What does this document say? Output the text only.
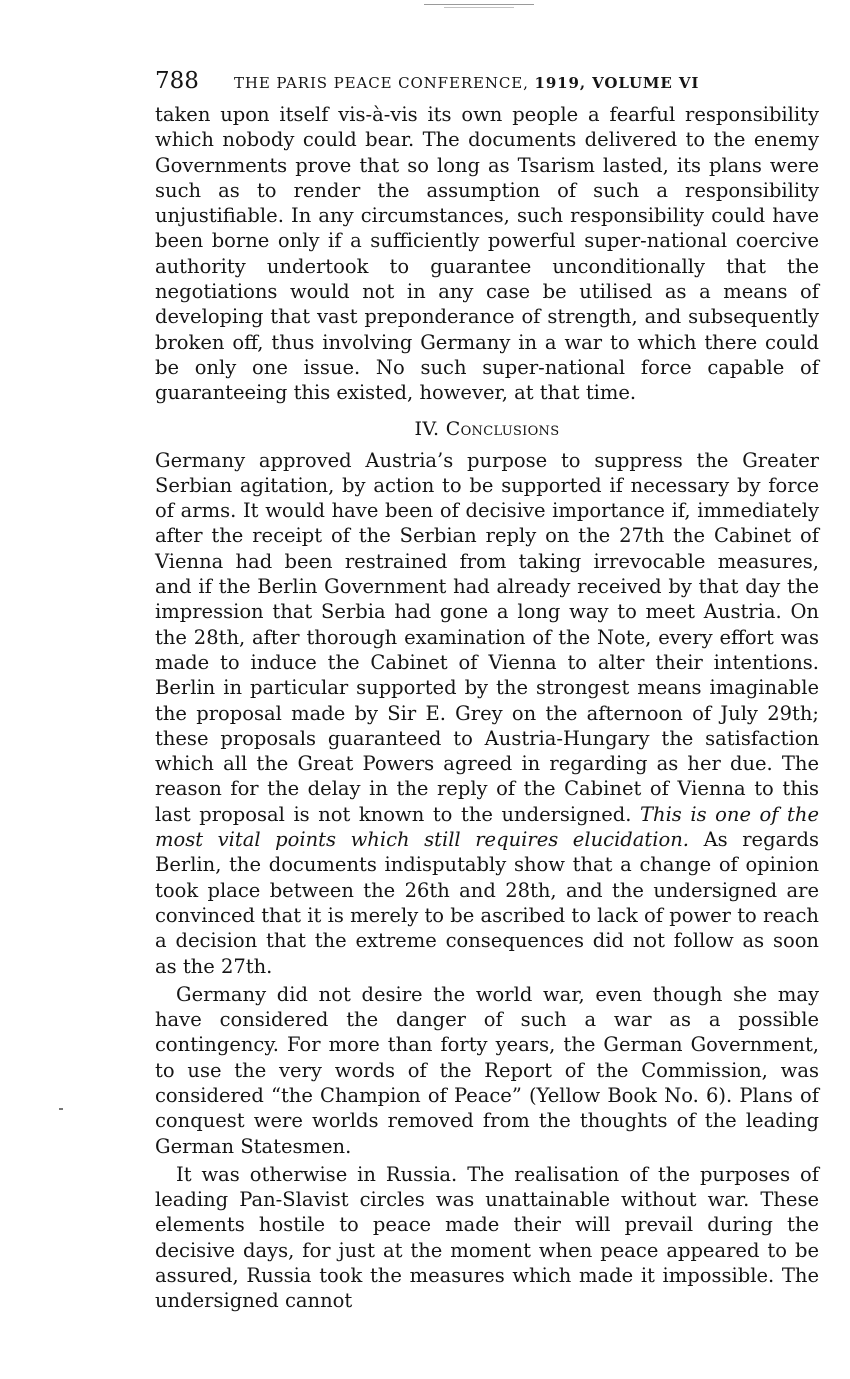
788	THE PARIS PEACE CONFERENCE, 1919, VOLUME VI

taken upon itself vis-à-vis its own people a fearful responsibility which nobody could bear. The documents delivered to the enemy Governments prove that so long as Tsarism lasted, its plans were such as to render the assumption of such a responsibility unjustifiable. In any circumstances, such responsibility could have been borne only if a sufficiently powerful super-national coercive authority undertook to guarantee unconditionally that the negotiations would not in any case be utilised as a means of developing that vast preponderance of strength, and subsequently broken off, thus involving Germany in a war to which there could be only one issue. No such super-national force capable of guaranteeing this existed, however, at that time.

IV. Conclusions

Germany approved Austria’s purpose to suppress the Greater Serbian agitation, by action to be supported if necessary by force of arms. It would have been of decisive importance if, immediately after the receipt of the Serbian reply on the 27th the Cabinet of Vienna had been restrained from taking irrevocable measures, and if the Berlin Government had already received by that day the impression that Serbia had gone a long way to meet Austria. On the 28th, after thorough examination of the Note, every effort was made to induce the Cabinet of Vienna to alter their intentions. Berlin in particular supported by the strongest means imaginable the proposal made by Sir E. Grey on the afternoon of July 29th; these proposals guaranteed to Austria-Hungary the satisfaction which all the Great Powers agreed in regarding as her due. The reason for the delay in the reply of the Cabinet of Vienna to this last proposal is not known to the undersigned. This is one of the most vital points which still requires elucidation. As regards Berlin, the documents indisputably show that a change of opinion took place between the 26th and 28th, and the undersigned are convinced that it is merely to be ascribed to lack of power to reach a decision that the extreme consequences did not follow as soon as the 27th.

Germany did not desire the world war, even though she may have considered the danger of such a war as a possible contingency. For more than forty years, the German Government, to use the very words of the Report of the Commission, was considered “the Champion of Peace” (Yellow Book No. 6). Plans of conquest were worlds removed from the thoughts of the leading German Statesmen.

It was otherwise in Russia. The realisation of the purposes of leading Pan-Slavist circles was unattainable without war. These elements hostile to peace made their will prevail during the decisive days, for just at the moment when peace appeared to be assured, Russia took the measures which made it impossible. The undersigned cannot
